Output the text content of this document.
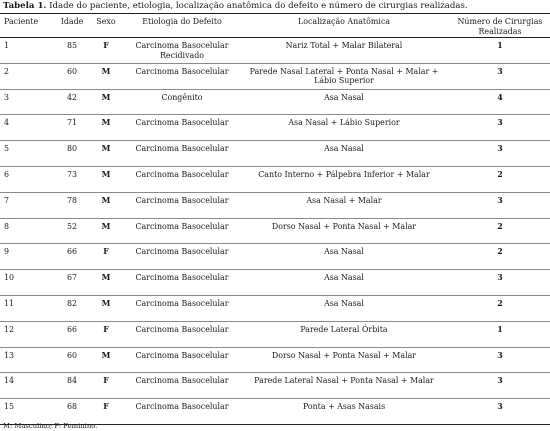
Tabela 1. Idade do paciente, etiologia, localização anatômica do defeito e número de cirurgias realizadas.
Paciente	Idade	Sexo	Etiologia do Defeito	Localização Anatômica	Número de Cirurgias Realizadas
1	85	F	Carcinoma Basocelular Recidivado	Nariz Total + Malar Bilateral	1
2	60	M	Carcinoma Basocelular	Parede Nasal Lateral + Ponta Nasal + Malar + Lábio Superior	3
3	42	M	Congênito	Asa Nasal	4
4	71	M	Carcinoma Basocelular	Asa Nasal + Lábio Superior	3
5	80	M	Carcinoma Basocelular	Asa Nasal	3
6	73	M	Carcinoma Basocelular	Canto Interno + Pálpebra Inferior + Malar	2
7	78	M	Carcinoma Basocelular	Asa Nasal + Malar	3
8	52	M	Carcinoma Basocelular	Dorso Nasal + Ponta Nasal + Malar	2
9	66	F	Carcinoma Basocelular	Asa Nasal	2
10	67	M	Carcinoma Basocelular	Asa Nasal	3
11	82	M	Carcinoma Basocelular	Asa Nasal	2
12	66	F	Carcinoma Basocelular	Parede Lateral Órbita	1
13	60	M	Carcinoma Basocelular	Dorso Nasal + Ponta Nasal + Malar	3
14	84	F	Carcinoma Basocelular	Parede Lateral Nasal + Ponta Nasal + Malar	3
15	68	F	Carcinoma Basocelular	Ponta + Asas Nasais	3
M: Masculino; F: Feminino.
